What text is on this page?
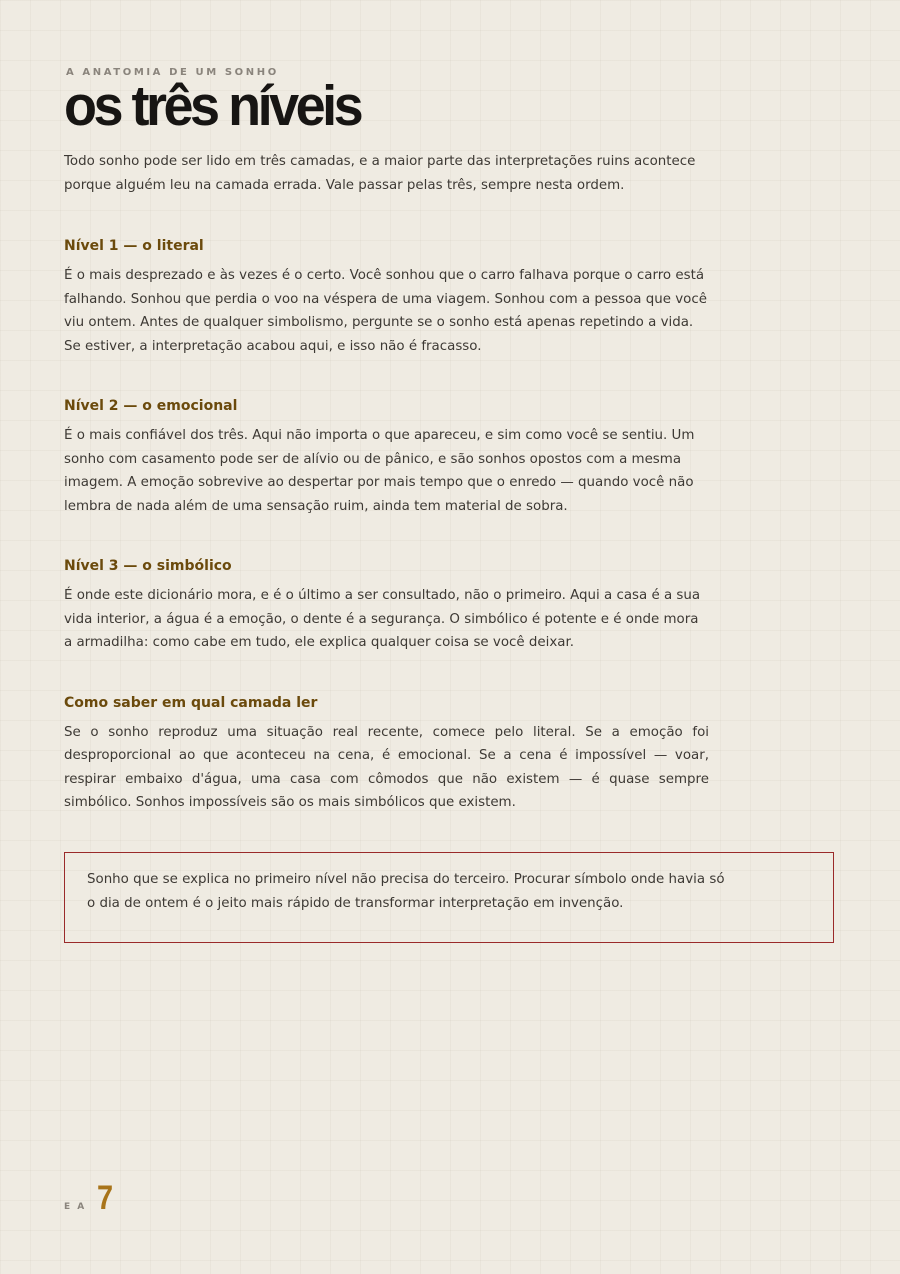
A ANATOMIA DE UM SONHO
os três níveis

Todo sonho pode ser lido em três camadas, e a maior parte das interpretações ruins acontece porque alguém leu na camada errada. Vale passar pelas três, sempre nesta ordem.

Nível 1 — o literal

É o mais desprezado e às vezes é o certo. Você sonhou que o carro falhava porque o carro está falhando. Sonhou que perdia o voo na véspera de uma viagem. Sonhou com a pessoa que você viu ontem. Antes de qualquer simbolismo, pergunte se o sonho está apenas repetindo a vida. Se estiver, a interpretação acabou aqui, e isso não é fracasso.

Nível 2 — o emocional

É o mais confiável dos três. Aqui não importa o que apareceu, e sim como você se sentiu. Um sonho com casamento pode ser de alívio ou de pânico, e são sonhos opostos com a mesma imagem. A emoção sobrevive ao despertar por mais tempo que o enredo — quando você não lembra de nada além de uma sensação ruim, ainda tem material de sobra.

Nível 3 — o simbólico

É onde este dicionário mora, e é o último a ser consultado, não o primeiro. Aqui a casa é a sua vida interior, a água é a emoção, o dente é a segurança. O simbólico é potente e é onde mora a armadilha: como cabe em tudo, ele explica qualquer coisa se você deixar.

Como saber em qual camada ler

Se o sonho reproduz uma situação real recente, comece pelo literal. Se a emoção foi desproporcional ao que aconteceu na cena, é emocional. Se a cena é impossível — voar, respirar embaixo d'água, uma casa com cômodos que não existem — é quase sempre simbólico. Sonhos impossíveis são os mais simbólicos que existem.

Sonho que se explica no primeiro nível não precisa do terceiro. Procurar símbolo onde havia só o dia de ontem é o jeito mais rápido de transformar interpretação em invenção.
E A 7
